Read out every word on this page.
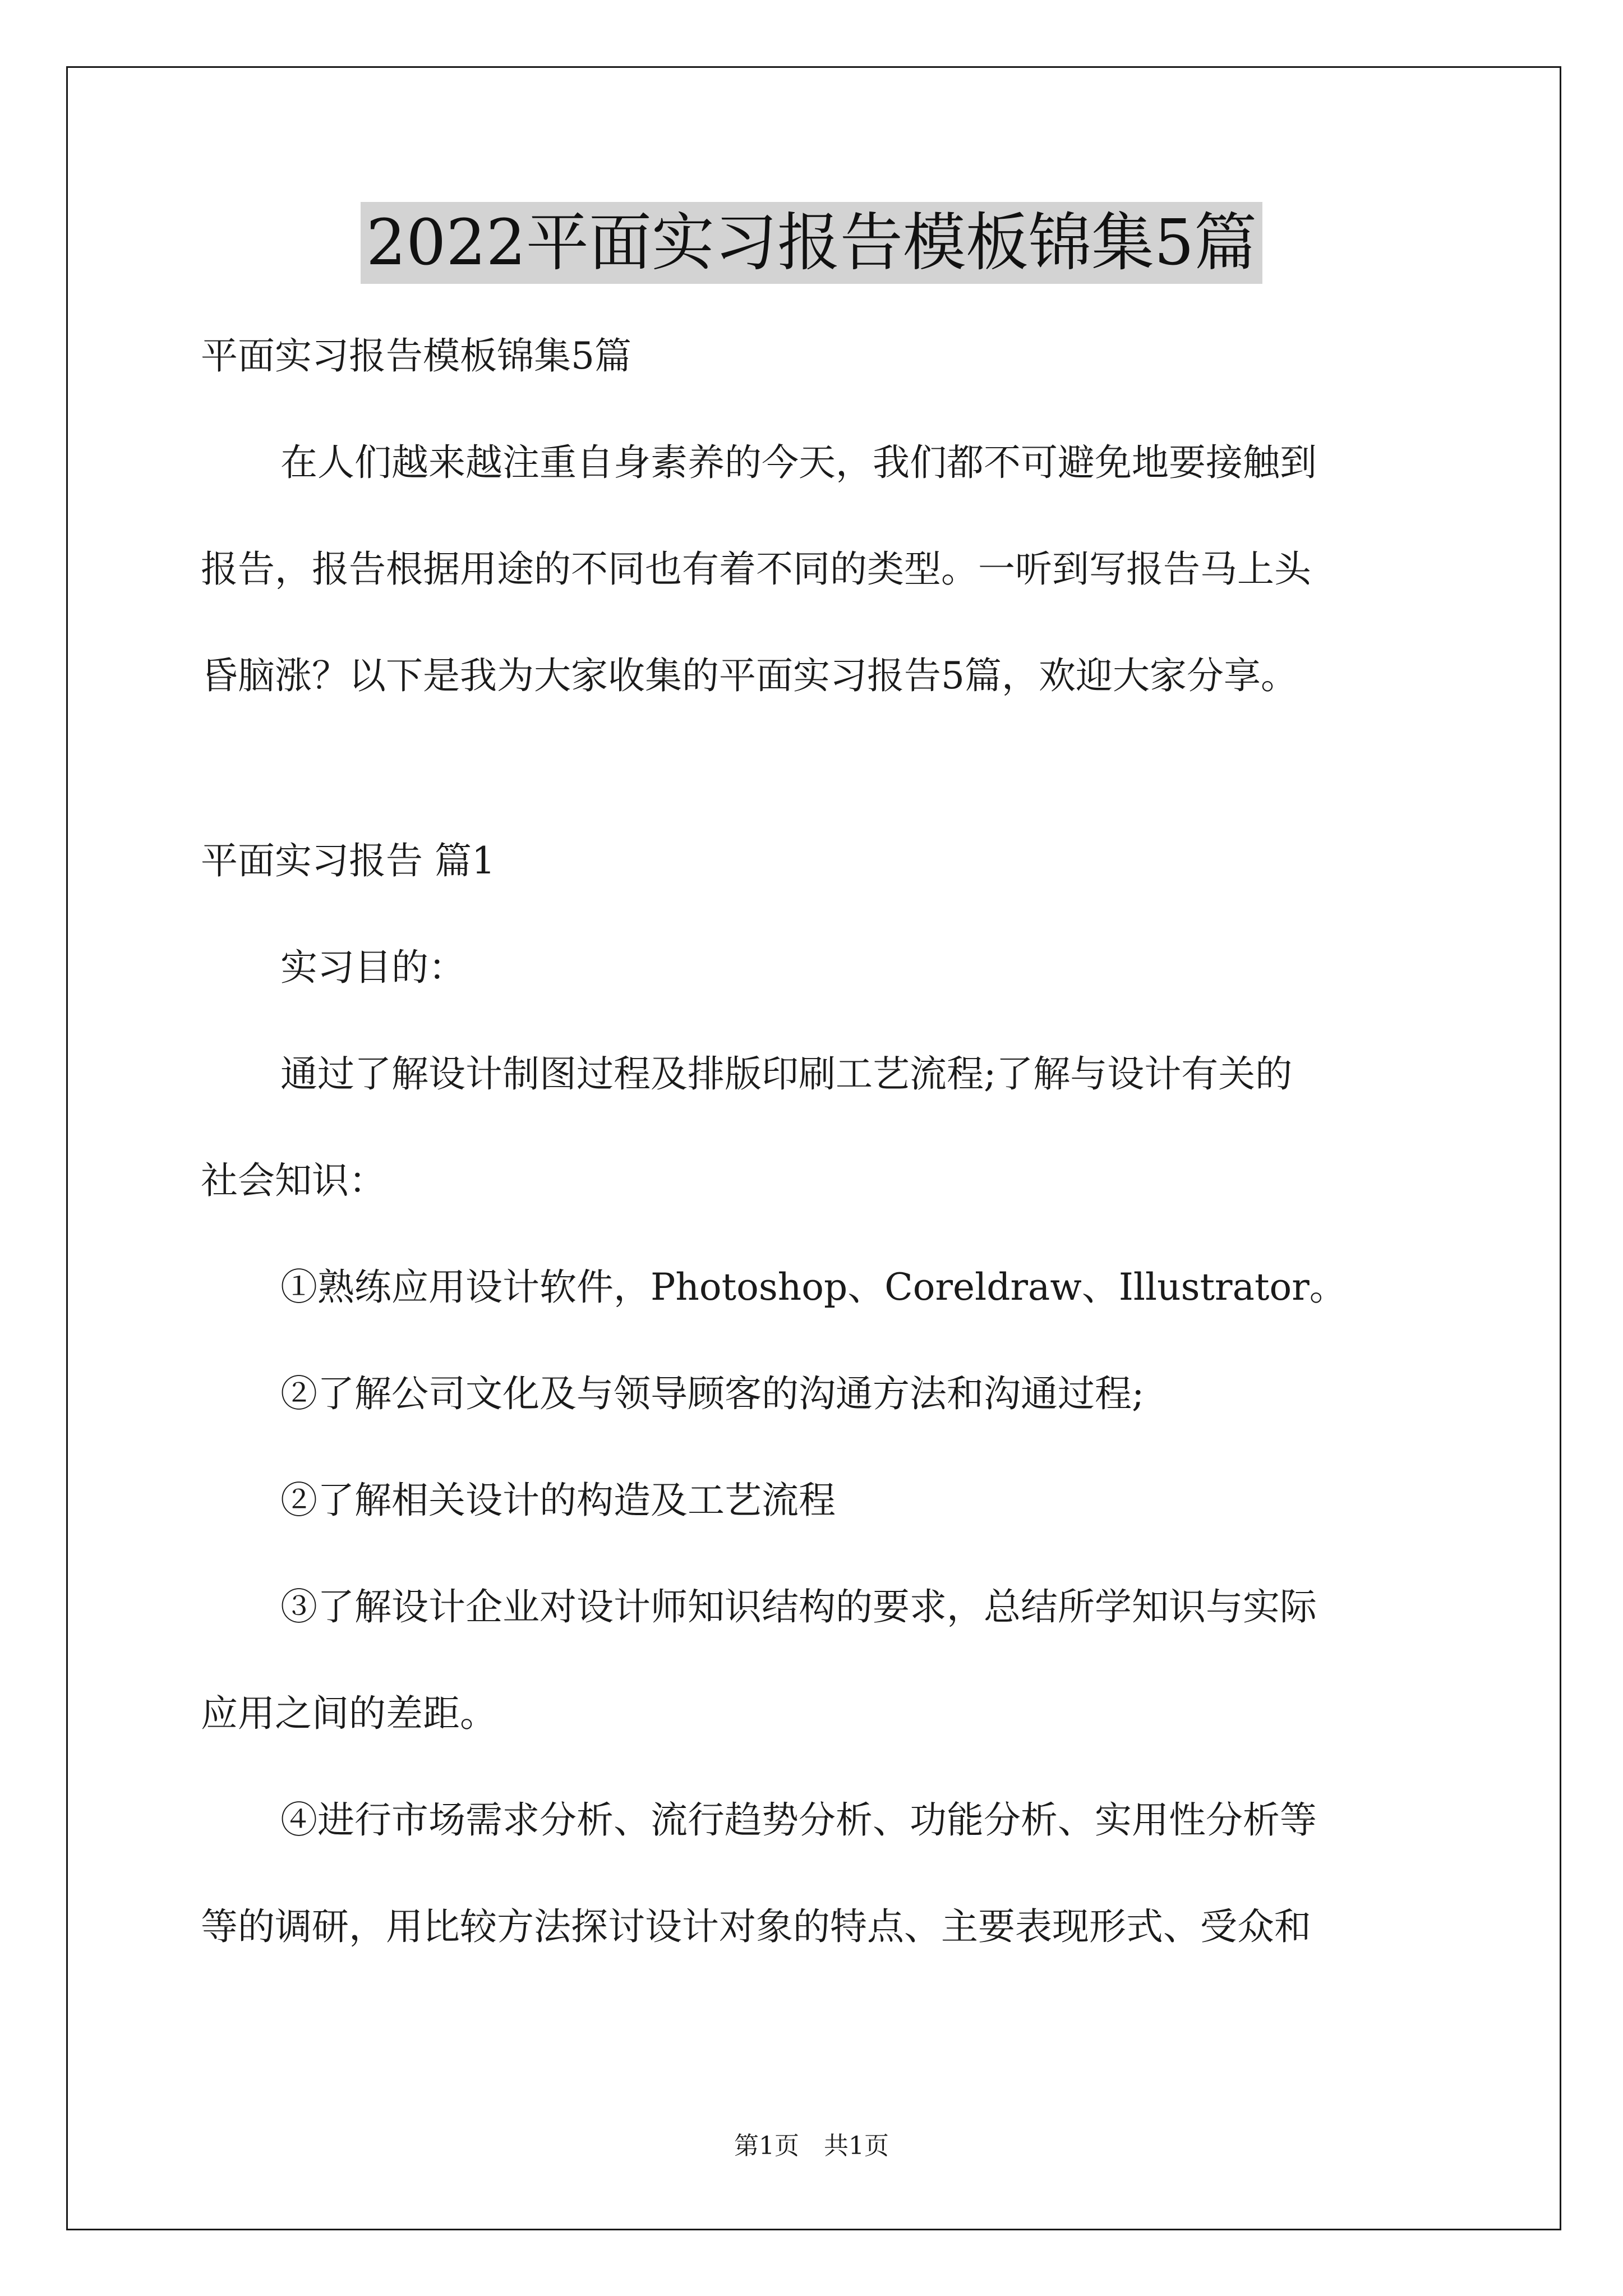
2022平面实习报告模板锦集5篇
平面实习报告模板锦集5篇
在人们越来越注重自身素养的今天，我们都不可避免地要接触到
报告，报告根据用途的不同也有着不同的类型。一听到写报告马上头
昏脑涨？以下是我为大家收集的平面实习报告5篇，欢迎大家分享。
平面实习报告 篇1
实习目的：
通过了解设计制图过程及排版印刷工艺流程;了解与设计有关的
社会知识：
①熟练应用设计软件，Photoshop、Coreldraw、Illustrator。
②了解公司文化及与领导顾客的沟通方法和沟通过程;
②了解相关设计的构造及工艺流程
③了解设计企业对设计师知识结构的要求，总结所学知识与实际
应用之间的差距。
④进行市场需求分析、流行趋势分析、功能分析、实用性分析等
等的调研，用比较方法探讨设计对象的特点、主要表现形式、受众和
第1页　共1页
